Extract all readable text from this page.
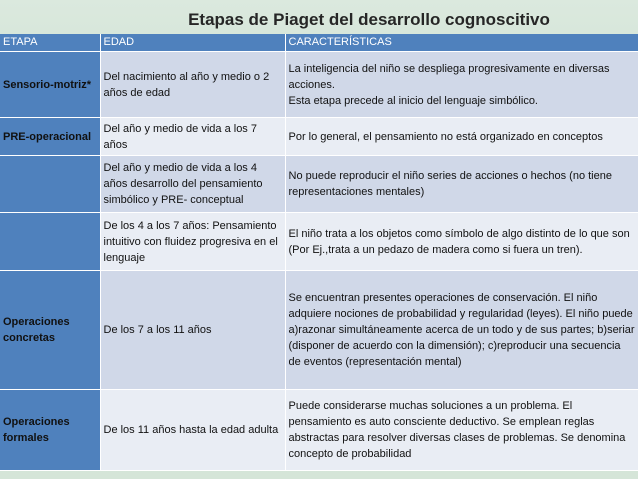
Etapas de Piaget del desarrollo cognoscitivo
ETAPA	EDAD	CARACTERÍSTICAS
Sensorio-motriz*	Del nacimiento al año y medio o 2 años de edad	La inteligencia del niño se despliega progresivamente en diversas acciones.
Esta etapa precede al inicio del lenguaje simbólico.
PRE-operacional	Del año y medio de vida a los 7 años	Por lo general, el pensamiento no está organizado en conceptos
	Del año y medio de vida a los 4 años desarrollo del pensamiento simbólico y PRE- conceptual	No puede reproducir el niño series de acciones o hechos (no tiene representaciones mentales)
	De los 4 a los 7 años: Pensamiento intuitivo con fluidez progresiva en el lenguaje	El niño trata a los objetos como símbolo de algo distinto de lo que son (Por Ej.,trata a un pedazo de madera como si fuera un tren).
Operaciones concretas	De los 7 a los 11 años	Se encuentran presentes operaciones de conservación. El niño adquiere nociones de probabilidad y regularidad (leyes). El niño puede a)razonar simultáneamente acerca de un todo y de sus partes; b)seriar (disponer de acuerdo con la dimensión); c)reproducir una secuencia de eventos (representación mental)
Operaciones formales	De los 11 años hasta la edad adulta	Puede considerarse muchas soluciones a un problema. El pensamiento es auto consciente deductivo. Se emplean reglas abstractas para resolver diversas clases de problemas. Se denomina concepto de probabilidad
